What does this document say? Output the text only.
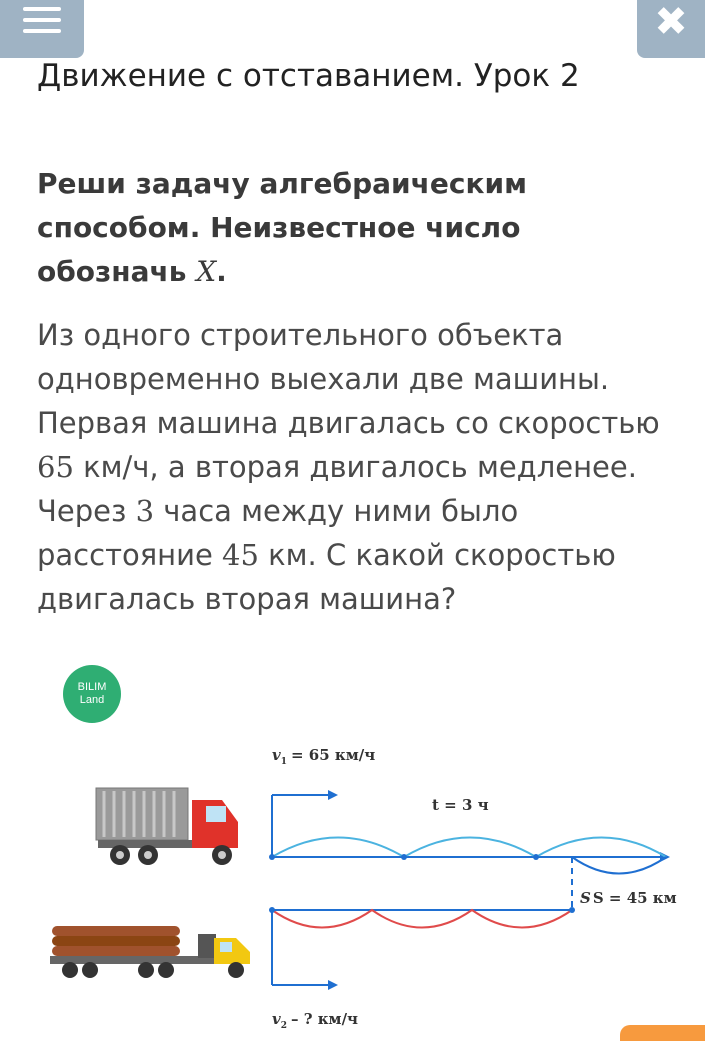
✖
Движение с отставанием. Урок 2
Реши задачу алгебраическим способом. Неизвестное число обозначь X.
Из одного строительного объекта одновременно выехали две машины. Первая машина двигалась со скоростью 65 км/ч, а вторая двигалось медленее. Через 3 часа между ними было расстояние 45 км. С какой скоростью двигалась вторая машина?
BILIM
Land
$v_1 = 65$ км/ч
t = 3 ч
S S = 45 км
$v_2$ – ? км/ч
